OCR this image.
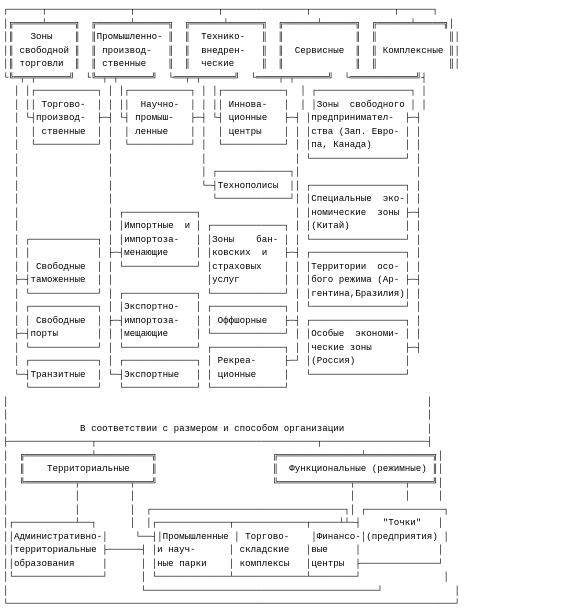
┌──────┬───────────────┬───────────────┬───────────────┬───────────────┬──────┐
│╔═════╧═════╗  ╔══════╧══════╗  ╔══════╧══════╗  ╔══════╧══════╗  ╔══════╧═════╗│
│║   Зоны    ║  ║Промышленно- ║  ║  Технико-   ║  ║             ║  ║             ║│
│║ свободной ║  ║ производ-   ║  ║  внедрен-   ║  ║  Сервисные  ║  ║ Комплексные ║│
│║ торговли  ║  ║ ственные    ║  ║  ческие     ║  ║             ║  ║             ║│
└╚═╤═╤══════╝  └╚═╤═╤══════╝  └══╤═╤══════╝  └════╤═╤══════╝  └════════════╝┤
│ │┌───────────┐ │ │┌───────────┐ │ │┌───────────┐  │ ┌─────────────────┐ │
│ ││ Торгово-  │ │ ││  Научно-  │ │ ││ Иннова-   │  │ │Зоны  свободного │ │
│ └┤производ-  ├─┤ └┤ промыш-   ├─┤ └┤ ционные   ├─┤ │предпринимател-  ├─┤
│  │ ственные  │ │  │ ленные    │ │  │ центры    │ │ │ства (Зап. Евро- │ │
│  └───────────┘ │  └───────────┘ │  └───────────┘ │ │па, Канада)      │ │
│                │                │                │ └─────────────────┘ │
│                │                │ ┌─────────────┐│                     │
│                │                └─┤Технополисы  ││ ┌─────────────────┐ │
│                │                  └─────────────┘│ │Специальные  эко-│ │
│                │ ┌─────────────┐                 │ │номические  зоны ├─┤
│                │ │Импортные  и │ ┌─────────────┐ │ │(Китай)          │ │
│ ┌────────────┐ │ │импортоза-   │ │Зоны    бан- │ │ └─────────────────┘ │
│ │            │ ├─┤менающие     │ │ковских  и   ├─┤ ┌─────────────────┐ │
│ │ Свободные  │ │ └─────────────┘ │страховых    │ │ │Территории  осо- │ │
├─┤таможенные  │ │                 │услуг        │ │ │бого режима (Ар- ├─┤
│ └────────────┘ │ ┌─────────────┐ └─────────────┘ │ │гентина,Бразилия)│ │
│ ┌────────────┐ │ │Экспортно-   │ ┌─────────────┐ │ └─────────────────┘ │
│ │ Свободные  │ ├─┤импортоза-   │ │ Оффшорные   ├─┤ ┌─────────────────┐ │
├─┤порты       │ │ │мещающие     │ └─────────────┘ │ │Особые  экономи- │ │
│ └────────────┘ │ └─────────────┘ ┌─────────────┐ │ │ческие зоны      ├─┤
│ ┌────────────┐ │ ┌─────────────┐ │ Рекреа-     ├─┘ │(Россия)         │
└─┤Транзитные  │ └─┤Экспортные   │ │ ционные     │   └─────────────────┘
└────────────┘   └─────────────┘ └─────────────┘
│                                                                            │
│                                                                            │
│             В соответствии с размером и способом организации               │
├───────────────┬────────────────────────────────────────┬───────────────────┤
│  ╔════════════╧══════════╗                     ╔═══════════════╧════════════╗│
│  ║    Территориальные    ║                     ║  Функциональные (режимные) ║│
│  ╚═════════╤═════════╤═══╝                     ╚═════════════╤═════════╤════╝│
│            │         │                                       │         │     │
│            │         │  ┌───────────────────────────────────┐│ ┌──────────────┐
│┌───────────┴──┐      │  │┌─────────────┬─────────────┬─────┴┴─┤    "Точки"   │
││Административно-│     └──┤│Промышленные │ Торгово-    │Финансо-│(предприятия) │
││территориальные ├──────┤ │и науч-      │ складские   │вые     │              │
││образования     │      │ │ные парки    │ комплексы   │центры  ├──────────────┘
│└────────────────┘      │ └─────────────┴─────────────┴────────┘               │
│                        └──────────────────────────────────────────┘             │
└─────────────────────────────────────────────────────────────────────────────────┘
